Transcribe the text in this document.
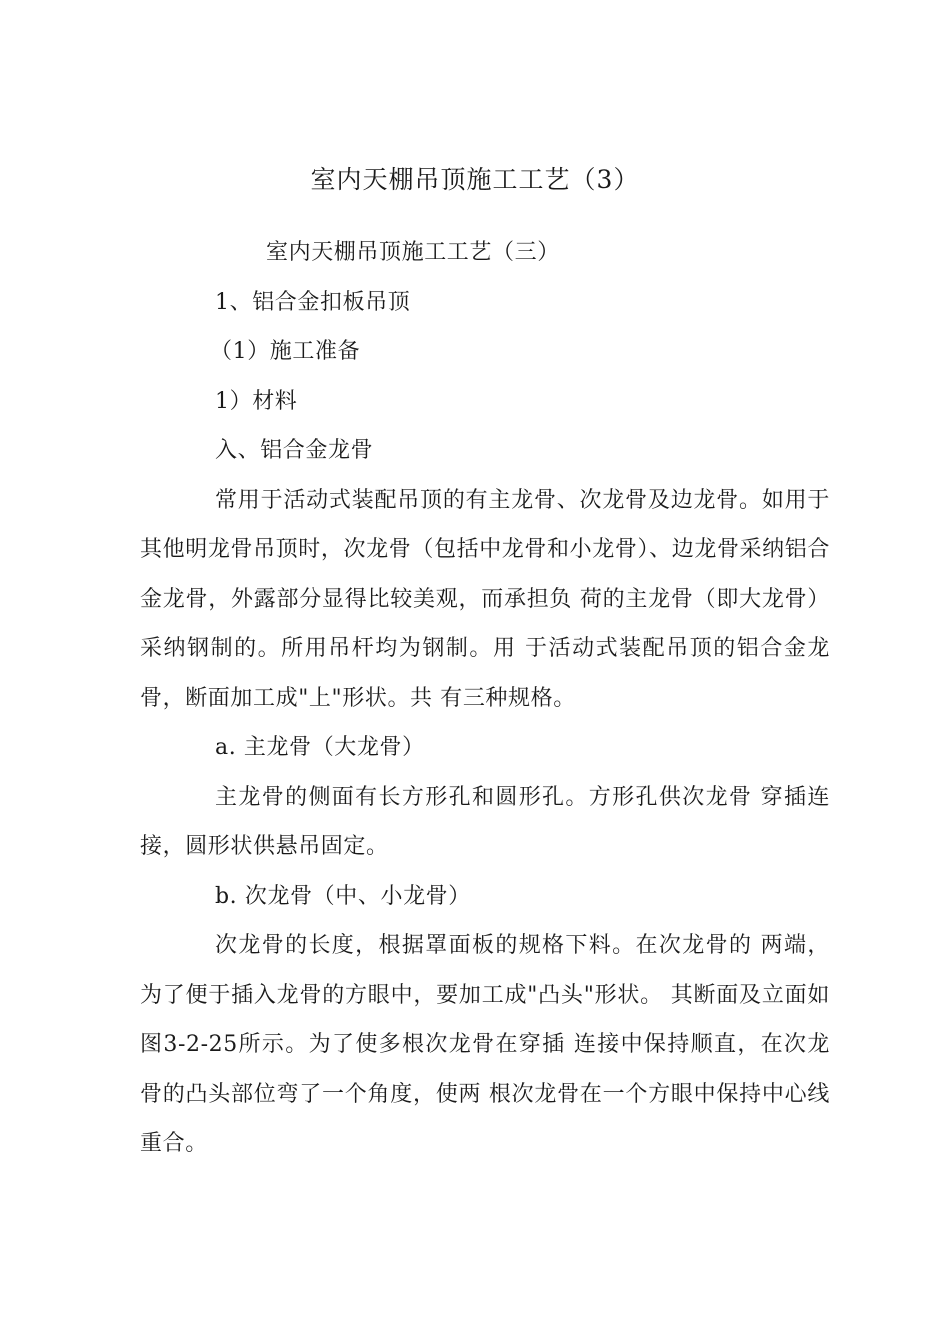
室内天棚吊顶施工工艺（3）

室内天棚吊顶施工工艺（三）

1、铝合金扣板吊顶

（1）施工准备

1）材料

入、铝合金龙骨

常用于活动式装配吊顶的有主龙骨、次龙骨及边龙骨。如用于其他明龙骨吊顶时，次龙骨（包括中龙骨和小龙骨）、边龙骨采纳铝合金龙骨，外露部分显得比较美观，而承担负 荷的主龙骨（即大龙骨）采纳钢制的。所用吊杆均为钢制。用 于活动式装配吊顶的铝合金龙骨，断面加工成"上"形状。共 有三种规格。

a. 主龙骨（大龙骨）

主龙骨的侧面有长方形孔和圆形孔。方形孔供次龙骨 穿插连接，圆形状供悬吊固定。

b. 次龙骨（中、小龙骨）

次龙骨的长度，根据罩面板的规格下料。在次龙骨的 两端，为了便于插入龙骨的方眼中，要加工成"凸头"形状。 其断面及立面如图3-2-25所示。为了使多根次龙骨在穿插 连接中保持顺直，在次龙骨的凸头部位弯了一个角度，使两 根次龙骨在一个方眼中保持中心线重合。
